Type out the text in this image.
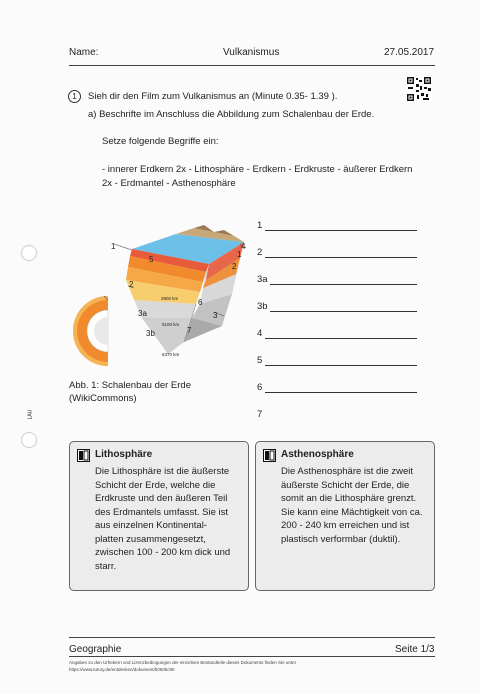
Name:	Vulkanismus	27.05.2017
LAU
1	Sieh dir den Film zum Vulkanismus an (Minute 0.35- 1.39 ).
a) Beschrifte im Anschluss die Abbildung zum Schalenbau der Erde.
Setze folgende Begriffe ein:
- innerer Erdkern 2x - Lithosphäre - Erdkern - Erdkruste - äußerer Erdkern
2x - Erdmantel - Asthenosphäre
1	4
1
5
2
2
2900 km 6
3a	3
5100 km
7
3b
6370 km
Abb. 1: Schalenbau der Erde
(WikiCommons)
1
2
3a
3b
4
5
6
7
Lithosphäre
Die Lithosphäre ist die äußerste
Schicht der Erde, welche die
Erdkruste und den äußeren Teil
des Erdmantels umfasst. Sie ist
aus einzelnen Kontinental-
platten zusammengesetzt,
zwischen 100 - 200 km dick und
starr.
Asthenosphäre
Die Asthenosphäre ist die zweit
äußerste Schicht der Erde, die
somit an die Lithosphäre grenzt.
Sie kann eine Mächtigkeit von ca.
200 - 240 km erreichen und ist
plastisch verformbar (duktil).
Geographie	Seite 1/3
Angaben zu den Urhebern und Lizenzbedingungen der einzelnen Bestandteile dieses Dokuments finden Sie unter
https://www.tutory.de/entdecken/dokument/b050bc90
